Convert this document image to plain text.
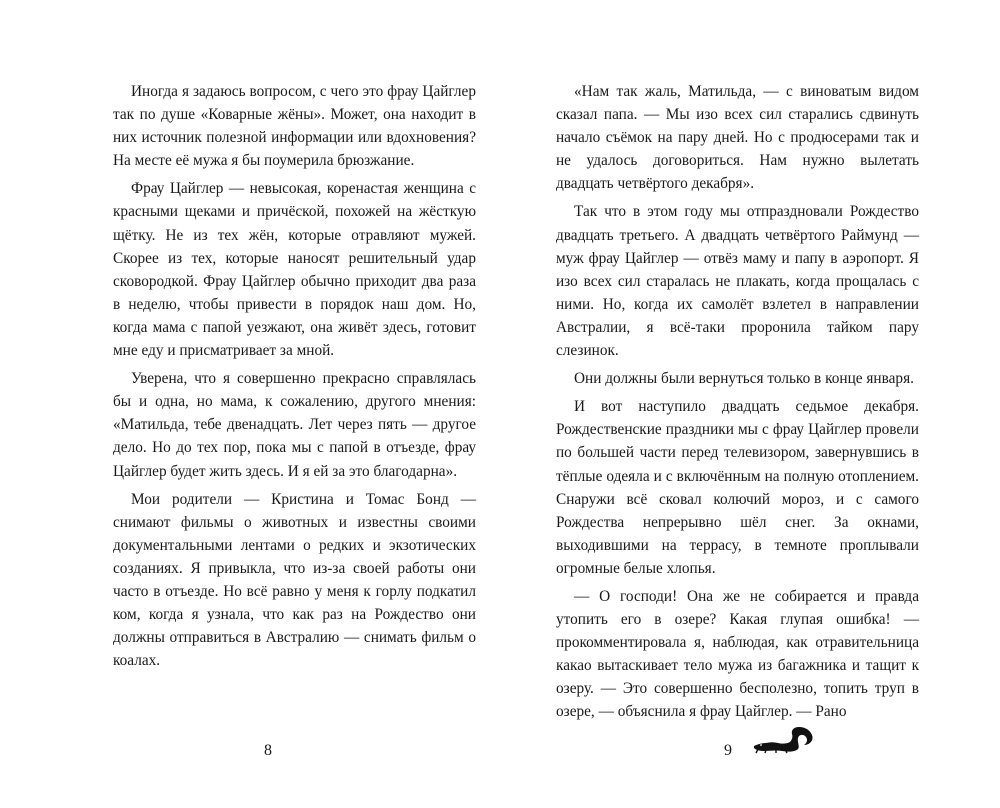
Иногда я задаюсь вопросом, с чего это фрау Цайглер так по душе «Коварные жёны». Может, она находит в них источник полезной информации или вдохновения? На месте её мужа я бы поумерила брюзжание.

Фрау Цайглер — невысокая, коренастая женщина с красными щеками и причёской, похожей на жёсткую щётку. Не из тех жён, которые отравляют мужей. Скорее из тех, которые наносят решительный удар сковородкой. Фрау Цайглер обычно приходит два раза в неделю, чтобы привести в порядок наш дом. Но, когда мама с папой уезжают, она живёт здесь, готовит мне еду и присматривает за мной.

Уверена, что я совершенно прекрасно справлялась бы и одна, но мама, к сожалению, другого мнения: «Матильда, тебе двенадцать. Лет через пять — другое дело. Но до тех пор, пока мы с папой в отъезде, фрау Цайглер будет жить здесь. И я ей за это благодарна».

Мои родители — Кристина и Томас Бонд — снимают фильмы о животных и известны своими документальными лентами о редких и экзотических созданиях. Я привыкла, что из-за своей работы они часто в отъезде. Но всё равно у меня к горлу подкатил ком, когда я узнала, что как раз на Рождество они должны отправиться в Австралию — снимать фильм о коалах.

8

«Нам так жаль, Матильда, — с виноватым видом сказал папа. — Мы изо всех сил старались сдвинуть начало съёмок на пару дней. Но с продюсерами так и не удалось договориться. Нам нужно вылетать двадцать четвёртого декабря».

Так что в этом году мы отпраздновали Рождество двадцать третьего. А двадцать четвёртого Раймунд — муж фрау Цайглер — отвёз маму и папу в аэропорт. Я изо всех сил старалась не плакать, когда прощалась с ними. Но, когда их самолёт взлетел в направлении Австралии, я всё-таки проронила тайком пару слезинок.

Они должны были вернуться только в конце января.

И вот наступило двадцать седьмое декабря. Рождественские праздники мы с фрау Цайглер провели по большей части перед телевизором, завернувшись в тёплые одеяла и с включённым на полную отоплением. Снаружи всё сковал колючий мороз, и с самого Рождества непрерывно шёл снег. За окнами, выходившими на террасу, в темноте проплывали огромные белые хлопья.

— О господи! Она же не собирается и правда утопить его в озере? Какая глупая ошибка! — прокомментировала я, наблюдая, как отравительница какао вытаскивает тело мужа из багажника и тащит к озеру. — Это совершенно бесполезно, топить труп в озере, — объяснила я фрау Цайглер. — Рано

9
